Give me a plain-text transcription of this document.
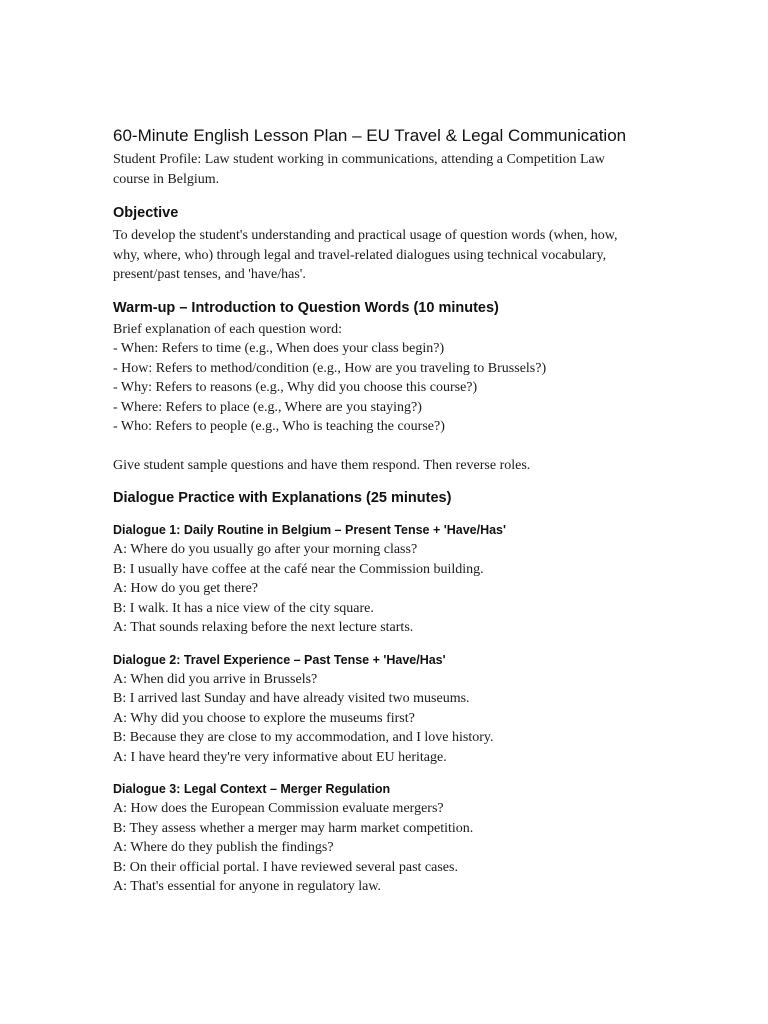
60-Minute English Lesson Plan – EU Travel & Legal Communication

Student Profile: Law student working in communications, attending a Competition Law
course in Belgium.

Objective

To develop the student's understanding and practical usage of question words (when, how,
why, where, who) through legal and travel-related dialogues using technical vocabulary,
present/past tenses, and 'have/has'.

Warm-up – Introduction to Question Words (10 minutes)

Brief explanation of each question word:
- When: Refers to time (e.g., When does your class begin?)
- How: Refers to method/condition (e.g., How are you traveling to Brussels?)
- Why: Refers to reasons (e.g., Why did you choose this course?)
- Where: Refers to place (e.g., Where are you staying?)
- Who: Refers to people (e.g., Who is teaching the course?)

Give student sample questions and have them respond. Then reverse roles.

Dialogue Practice with Explanations (25 minutes)
Dialogue 1: Daily Routine in Belgium – Present Tense + 'Have/Has'

A: Where do you usually go after your morning class?
B: I usually have coffee at the café near the Commission building.
A: How do you get there?
B: I walk. It has a nice view of the city square.
A: That sounds relaxing before the next lecture starts.

Dialogue 2: Travel Experience – Past Tense + 'Have/Has'

A: When did you arrive in Brussels?
B: I arrived last Sunday and have already visited two museums.
A: Why did you choose to explore the museums first?
B: Because they are close to my accommodation, and I love history.
A: I have heard they're very informative about EU heritage.

Dialogue 3: Legal Context – Merger Regulation

A: How does the European Commission evaluate mergers?
B: They assess whether a merger may harm market competition.
A: Where do they publish the findings?
B: On their official portal. I have reviewed several past cases.
A: That's essential for anyone in regulatory law.
